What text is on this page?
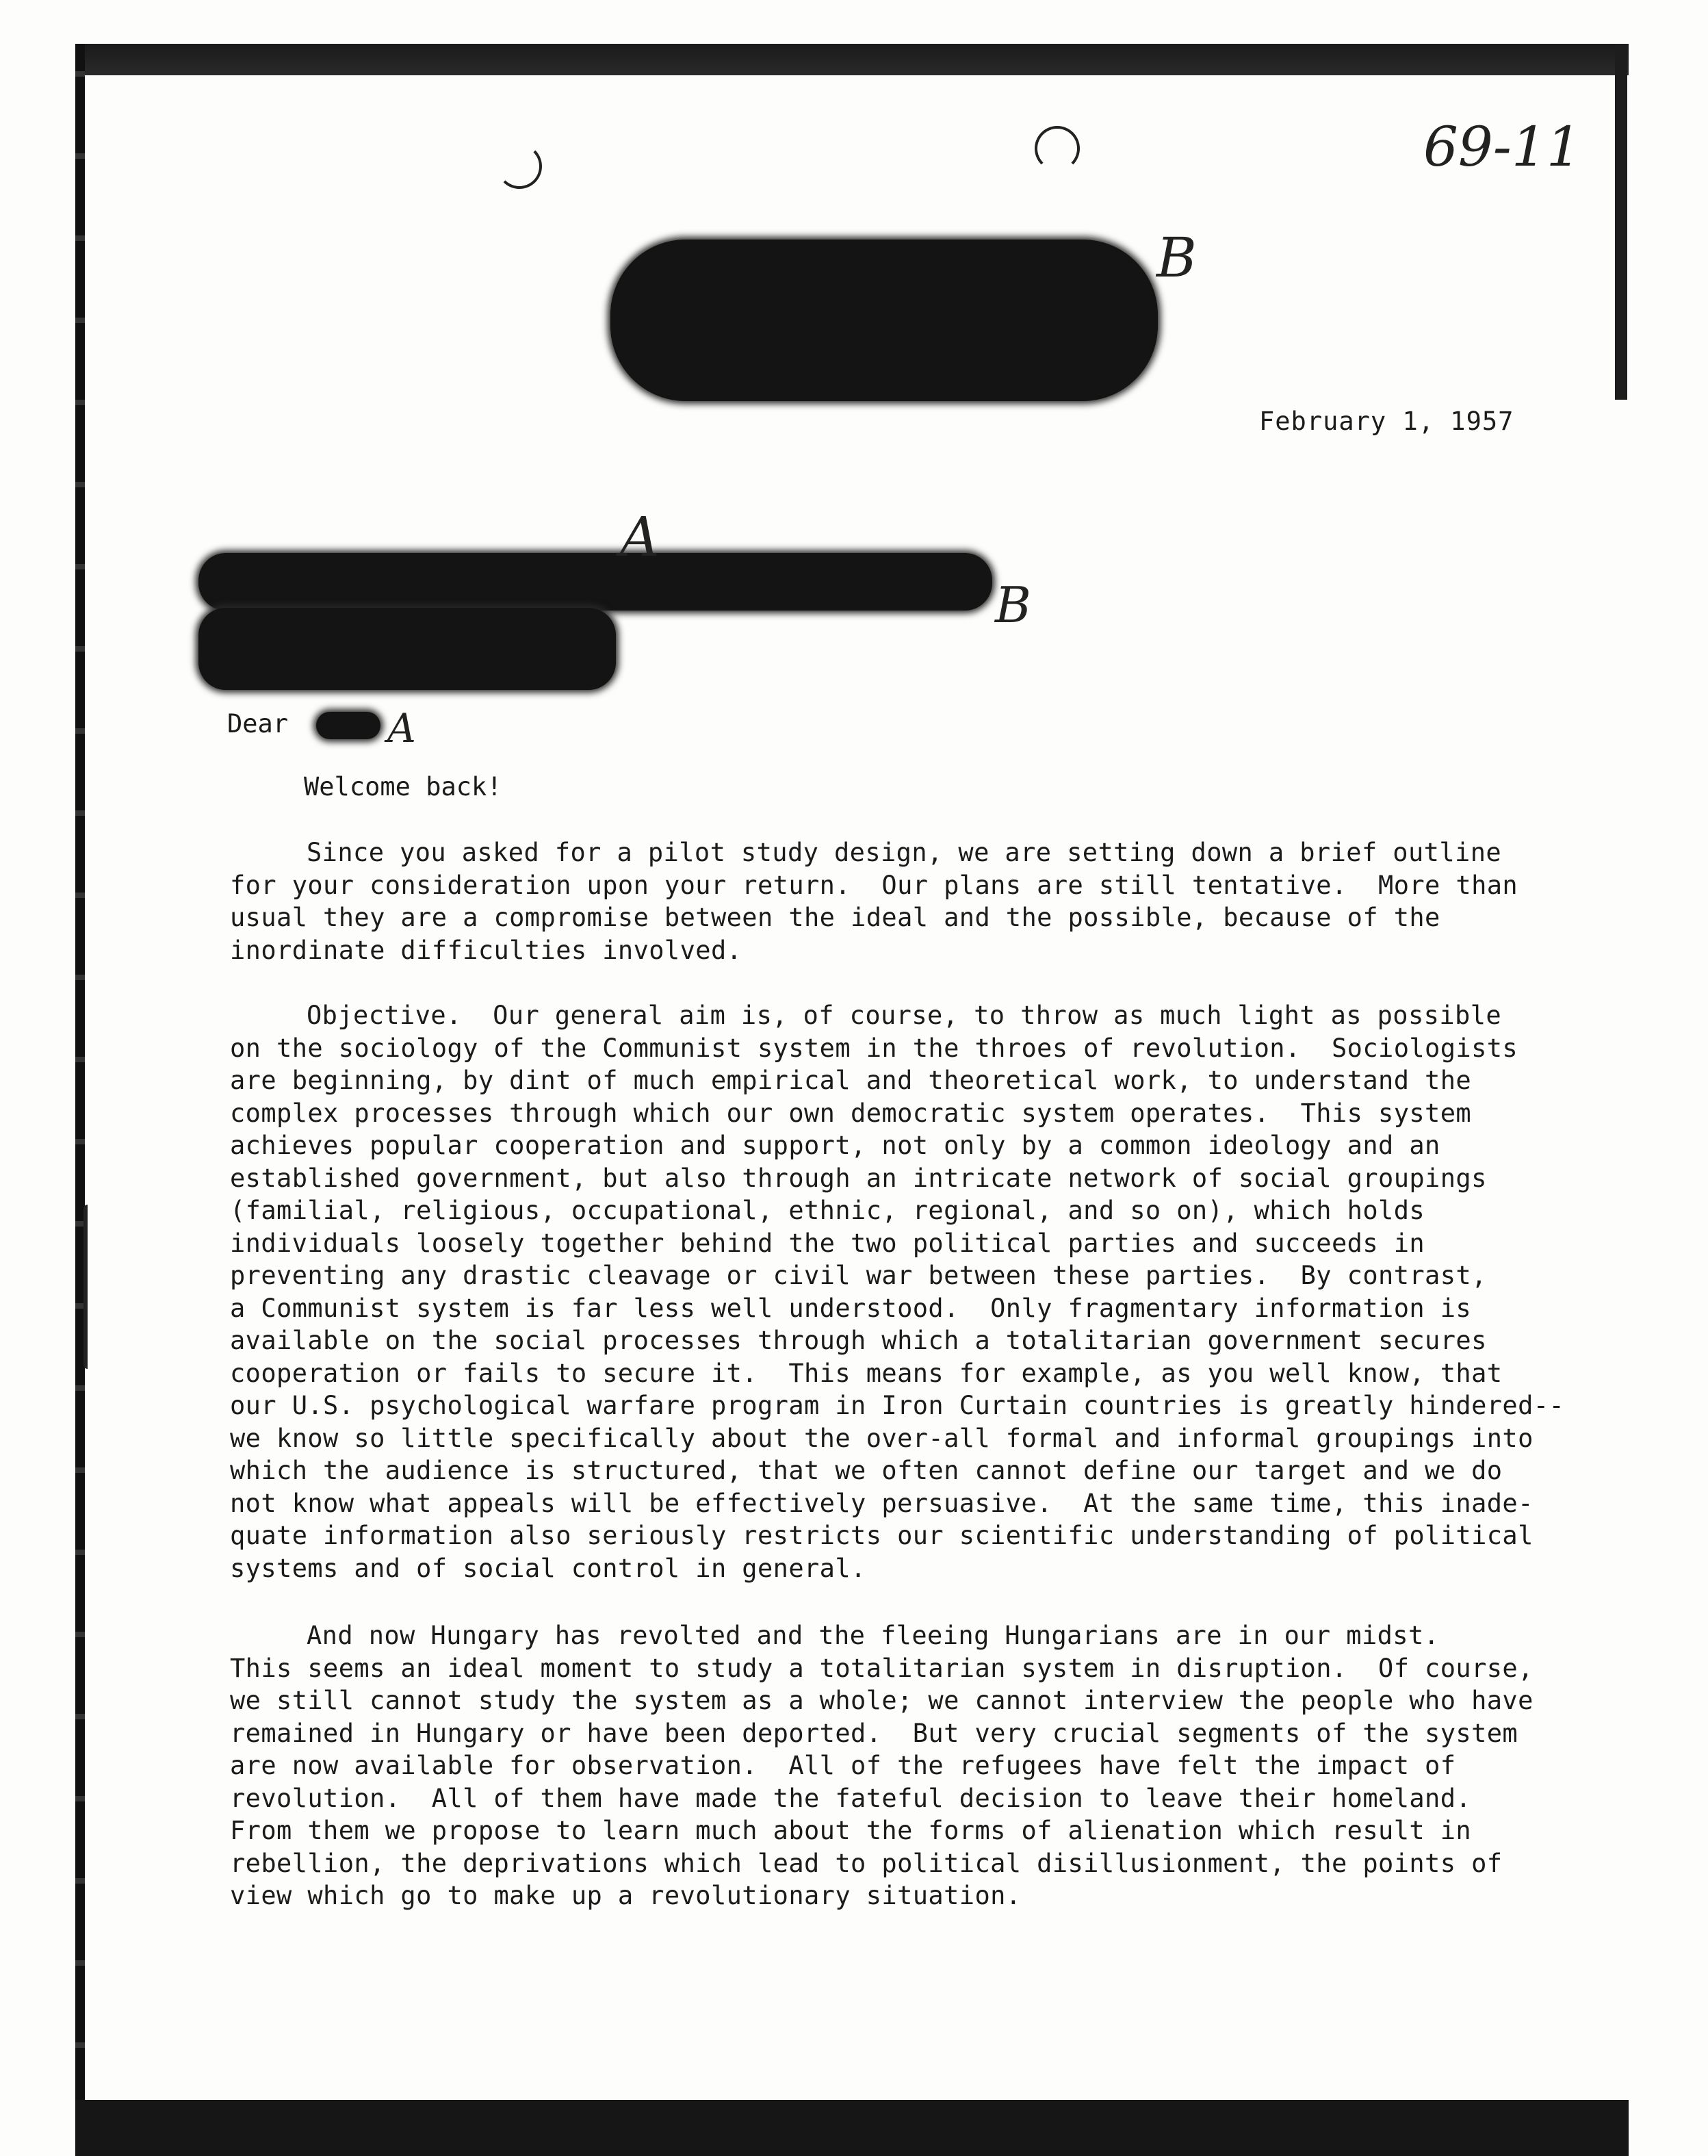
69-11
B
February 1, 1957
A
B
Dear A
Welcome back!
Since you asked for a pilot study design, we are setting down a brief outline
for your consideration upon your return.  Our plans are still tentative.  More than
usual they are a compromise between the ideal and the possible, because of the
inordinate difficulties involved.
Objective.  Our general aim is, of course, to throw as much light as possible
on the sociology of the Communist system in the throes of revolution.  Sociologists
are beginning, by dint of much empirical and theoretical work, to understand the
complex processes through which our own democratic system operates.  This system
achieves popular cooperation and support, not only by a common ideology and an
established government, but also through an intricate network of social groupings
(familial, religious, occupational, ethnic, regional, and so on), which holds
individuals loosely together behind the two political parties and succeeds in
preventing any drastic cleavage or civil war between these parties.  By contrast,
a Communist system is far less well understood.  Only fragmentary information is
available on the social processes through which a totalitarian government secures
cooperation or fails to secure it.  This means for example, as you well know, that
our U.S. psychological warfare program in Iron Curtain countries is greatly hindered--
we know so little specifically about the over-all formal and informal groupings into
which the audience is structured, that we often cannot define our target and we do
not know what appeals will be effectively persuasive.  At the same time, this inade-
quate information also seriously restricts our scientific understanding of political
systems and of social control in general.
And now Hungary has revolted and the fleeing Hungarians are in our midst.
This seems an ideal moment to study a totalitarian system in disruption.  Of course,
we still cannot study the system as a whole; we cannot interview the people who have
remained in Hungary or have been deported.  But very crucial segments of the system
are now available for observation.  All of the refugees have felt the impact of
revolution.  All of them have made the fateful decision to leave their homeland.
From them we propose to learn much about the forms of alienation which result in
rebellion, the deprivations which lead to political disillusionment, the points of
view which go to make up a revolutionary situation.
